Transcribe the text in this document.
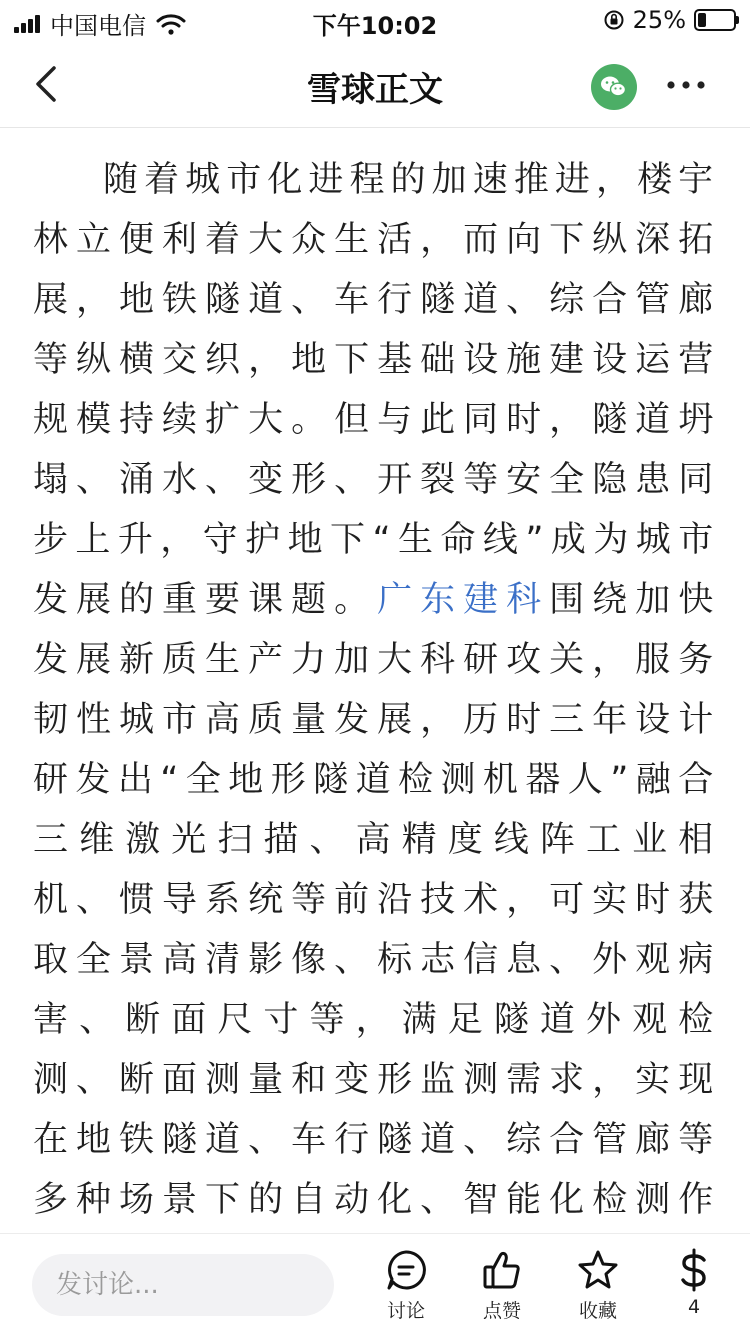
中国电信	下午10:02	25%
雪球正文

随着城市化进程的加速推进，楼宇林立便利着大众生活，而向下纵深拓展，地铁隧道、车行隧道、综合管廊等纵横交织，地下基础设施建设运营规模持续扩大。但与此同时，隧道坍塌、涌水、变形、开裂等安全隐患同步上升，守护地下“生命线”成为城市发展的重要课题。广东建科围绕加快发展新质生产力加大科研攻关，服务韧性城市高质量发展，历时三年设计研发出“全地形隧道检测机器人”融合三维激光扫描、高精度线阵工业相机、惯导系统等前沿技术，可实时获取全景高清影像、标志信息、外观病害、断面尺寸等，满足隧道外观检测、断面测量和变形监测需求，实现在地铁隧道、车行隧道、综合管廊等多种场景下的自动化、智能化检测作

发讨论...
讨论	点赞	收藏	4
